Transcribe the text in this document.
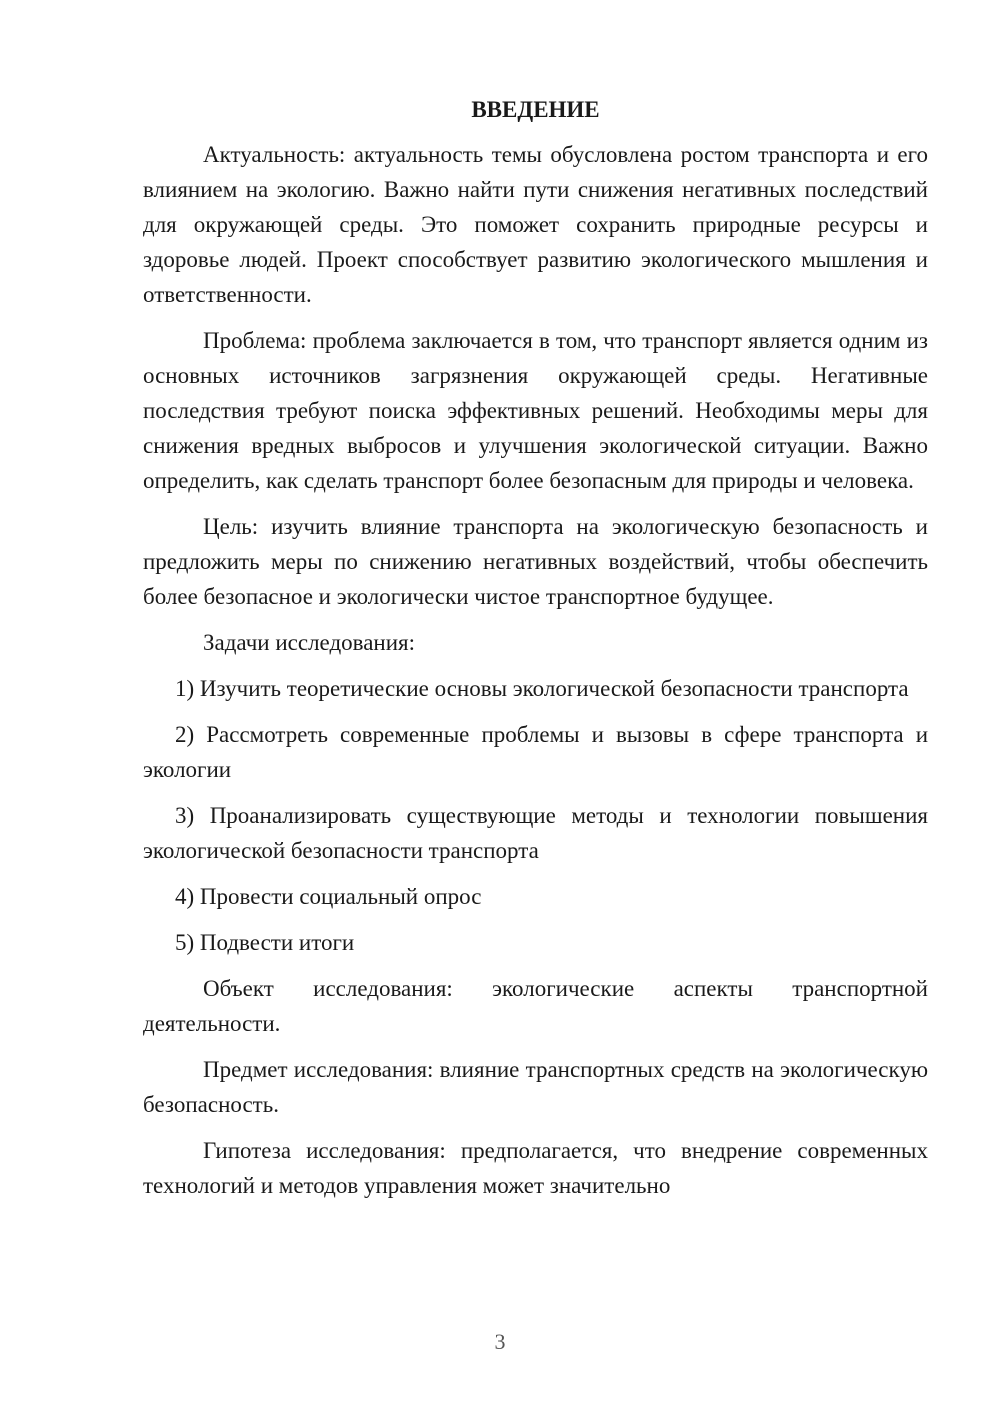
ВВЕДЕНИЕ

Актуальность: актуальность темы обусловлена ростом транспорта и его влиянием на экологию. Важно найти пути снижения негативных последствий для окружающей среды. Это поможет сохранить природные ресурсы и здоровье людей. Проект способствует развитию экологического мышления и ответственности.

Проблема: проблема заключается в том, что транспорт является одним из основных источников загрязнения окружающей среды. Негативные последствия требуют поиска эффективных решений. Необходимы меры для снижения вредных выбросов и улучшения экологической ситуации. Важно определить, как сделать транспорт более безопасным для природы и человека.

Цель: изучить влияние транспорта на экологическую безопасность и предложить меры по снижению негативных воздействий, чтобы обеспечить более безопасное и экологически чистое транспортное будущее.

Задачи исследования:

1) Изучить теоретические основы экологической безопасности транспорта

2) Рассмотреть современные проблемы и вызовы в сфере транспорта и экологии

3) Проанализировать существующие методы и технологии повышения экологической безопасности транспорта

4) Провести социальный опрос

5) Подвести итоги

Объект исследования: экологические аспекты транспортной деятельности.

Предмет исследования: влияние транспортных средств на экологическую безопасность.

Гипотеза исследования: предполагается, что внедрение современных технологий и методов управления может значительно

3
